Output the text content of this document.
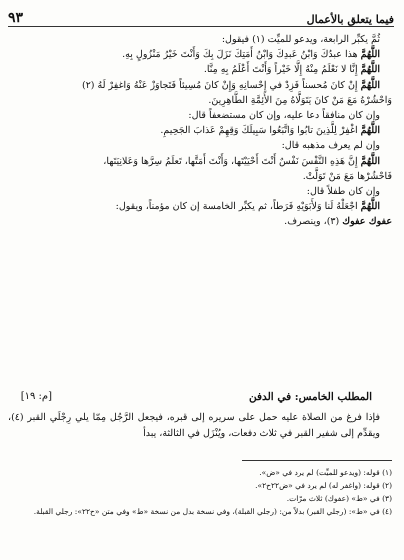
٩٣	فيما يتعلق بالأعمال

ثُمَّ يكبِّر الرابعة، ويدعو للميِّت (١) فيقول:

اللَّهُمَّ هذا عبدُكَ وَابْنُ عَبدِكَ وَابْنُ أَمَتِكَ نَزَلَ بِكَ وَأَنْتَ خَيْرُ مَنْزُولٍ بِهِ.

اللَّهُمَّ إِنَّا لا نَعْلَمُ مِنْهُ إِلَّا خَيْراً وَأَنْتَ أَعْلَمُ بِهِ مِنَّا.

اللَّهُمَّ إِنْ كانَ مُحسناً فَزِدْ في إِحْسانِهِ وَإِنْ كانَ مُسِيئاً فَتَجاوَزْ عَنْهُ وَاغفِرْ لَهُ (٢)

وَاحْشُرْهُ مَعَ مَنْ كانَ يَتَوَلَّاهُ مِنَ الأَئِمَّةِ الطَّاهِرِينَ.

وإن كان منافقاً دعا عليه، وإن كان مستضعفاً قال:

اللَّهُمَّ اغْفِرْ لِلَّذِينَ تابُوا وَاتَّبَعُوا سَبِيلَكَ وَقِهِمْ عَذابَ الجَحِيمِ.

وإن لم يعرف مذهبه قال:

اللَّهُمَّ إِنَّ هَذِهِ النَّفْسَ نَفْسٌ أَنْتَ أَحْيَيْتَها، وَأَنْتَ أَمَتَّها، تَعلَمُ سِرَّها وَعَلانِيَتَها،

فَاحْشُرْها مَعَ مَنْ تَوَلَّتْ.

وإن كان طفلاً قال:

اللَّهُمَّ اجْعَلْهُ لَنا وَلأَبَوَيْهِ فَرَطاً، ثم يكبِّر الخامسة إن كان مؤمناً، ويقول:

عفوك عفوك (٣)، وينصرف.

المطلب الخامس: في الدفن
[م: ١٩]

فإذا فرغ من الصلاة عليه حمل على سريره إلى قبره، فيجعل الرَّجُل مِمّا يلي رِجْلَي القبر (٤)، ويقدِّم إلى شفير القبر في ثلاث دفعات، ويُنْزَل في الثالثة، يبدأ

(١) قوله: (ويدعو للميِّت) لم يرد في «ض».

(٢) قوله: (واغفر له) لم يرد في «ض٢٢ح٢».

(٣) في «ط» (عفوك) ثلاث مرّات.

(٤) في «ط»: (رجلي القبر) بدلاً من: (رجلي القبلة)، وفي نسخة بدل من نسخة «ط» وفي متن «ح٢٢»: رجلي القبلة.
